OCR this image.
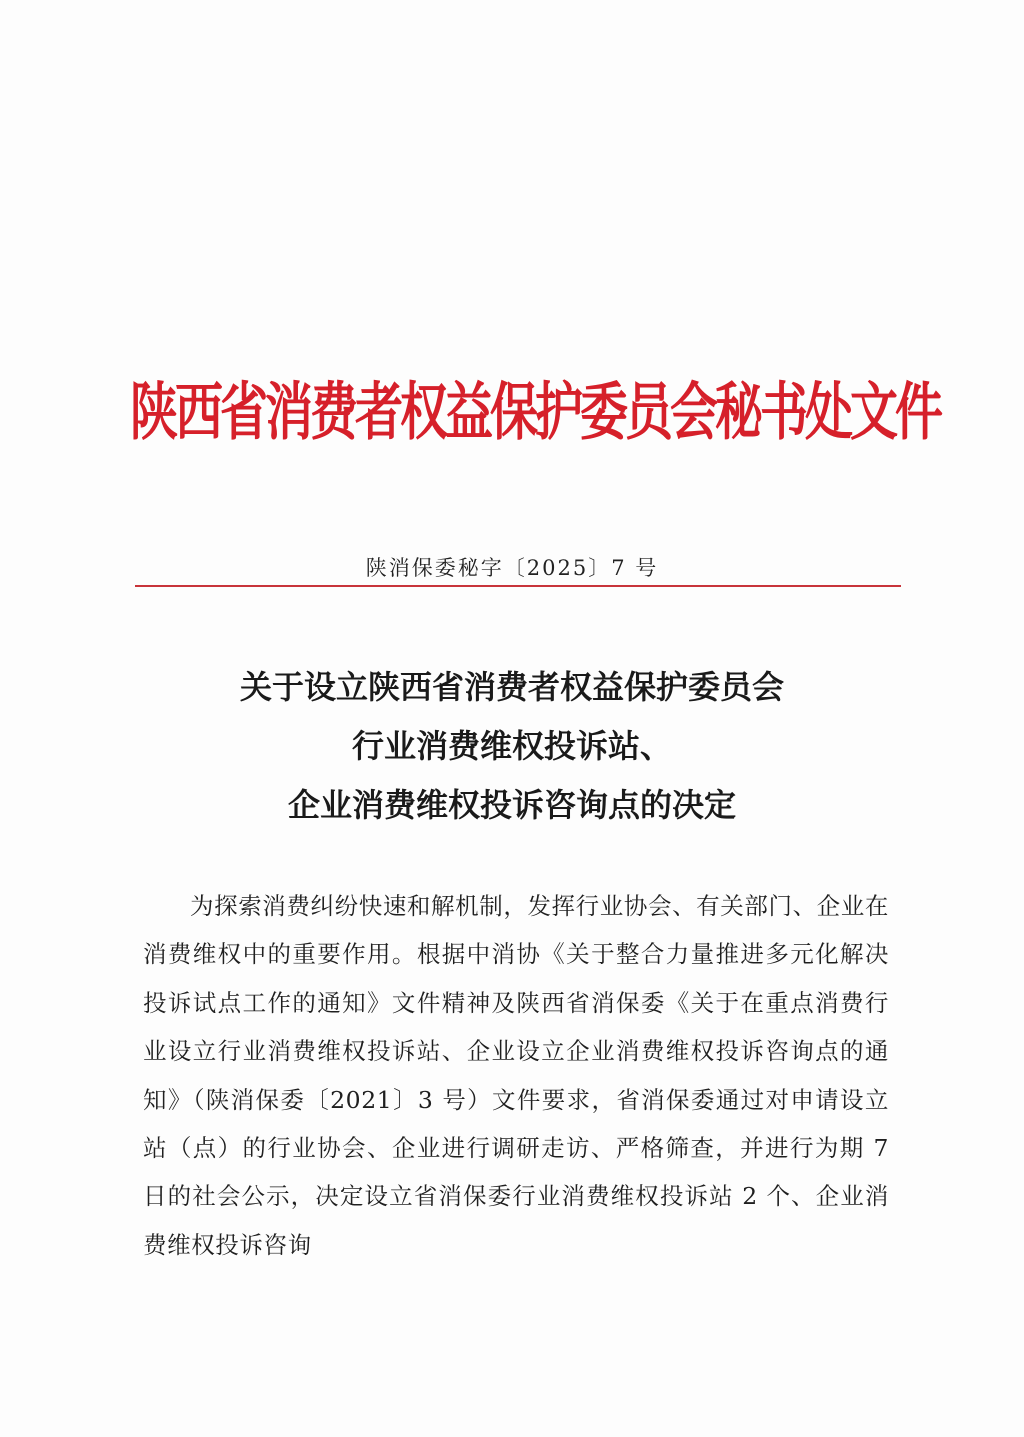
陕西省消费者权益保护委员会秘书处文件
陕消保委秘字〔2025〕7 号
关于设立陕西省消费者权益保护委员会
行业消费维权投诉站、
企业消费维权投诉咨询点的决定
为探索消费纠纷快速和解机制，发挥行业协会、有关部门、企业在消费维权中的重要作用。根据中消协《关于整合力量推进多元化解决投诉试点工作的通知》文件精神及陕西省消保委《关于在重点消费行业设立行业消费维权投诉站、企业设立企业消费维权投诉咨询点的通知》（陕消保委〔2021〕3 号）文件要求，省消保委通过对申请设立站（点）的行业协会、企业进行调研走访、严格筛查，并进行为期 7 日的社会公示，决定设立省消保委行业消费维权投诉站 2 个、企业消费维权投诉咨询
